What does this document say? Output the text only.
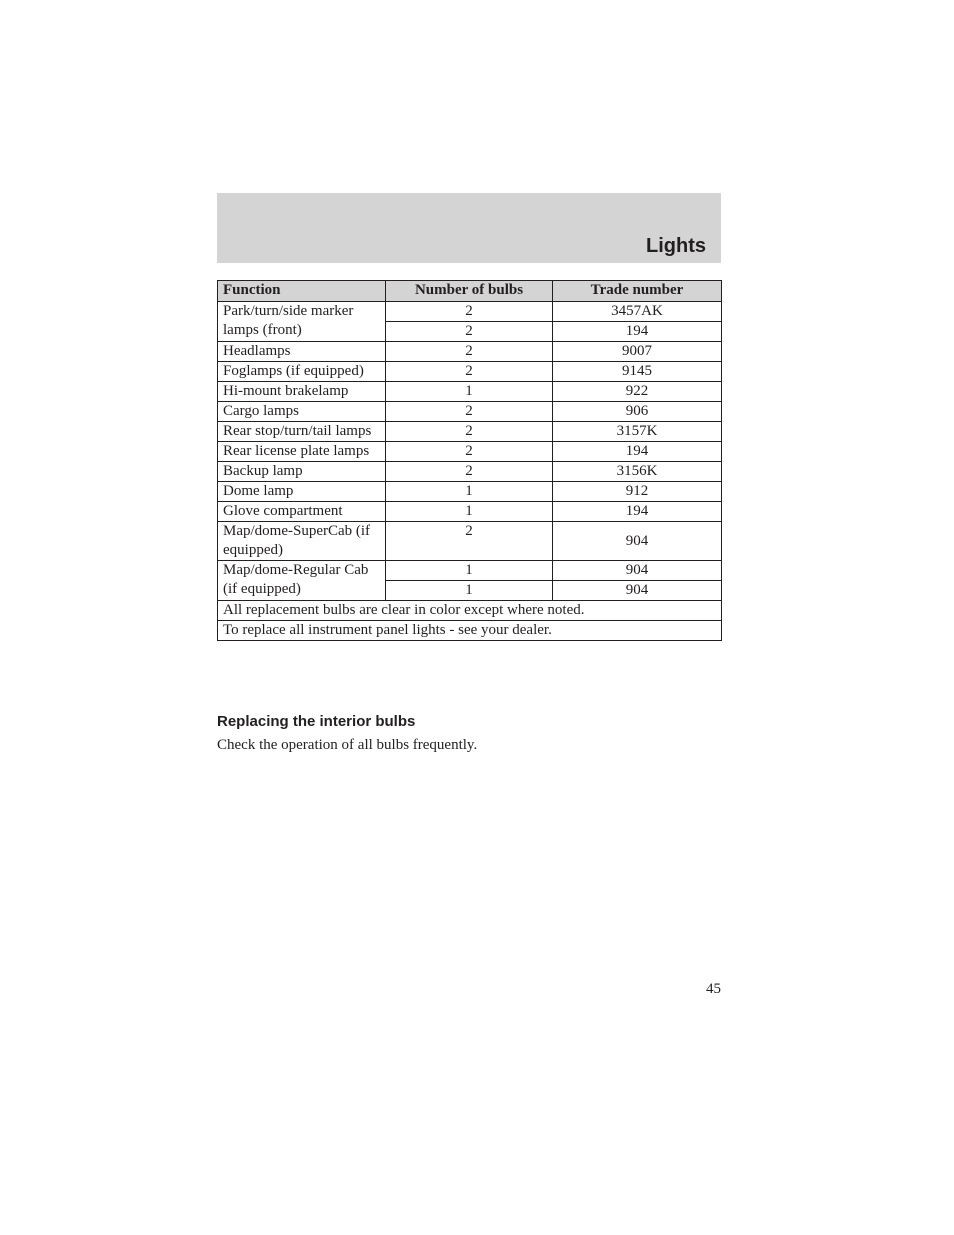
Lights
Function	Number of bulbs	Trade number
Park/turn/side marker lamps (front)	2	3457AK
	2	194
Headlamps	2	9007
Foglamps (if equipped)	2	9145
Hi-mount brakelamp	1	922
Cargo lamps	2	906
Rear stop/turn/tail lamps	2	3157K
Rear license plate lamps	2	194
Backup lamp	2	3156K
Dome lamp	1	912
Glove compartment	1	194
Map/dome-SuperCab (if equipped)	2	904
Map/dome-Regular Cab (if equipped)	1	904
	1	904
All replacement bulbs are clear in color except where noted.		
To replace all instrument panel lights - see your dealer.		
Replacing the interior bulbs
Check the operation of all bulbs frequently.
45
